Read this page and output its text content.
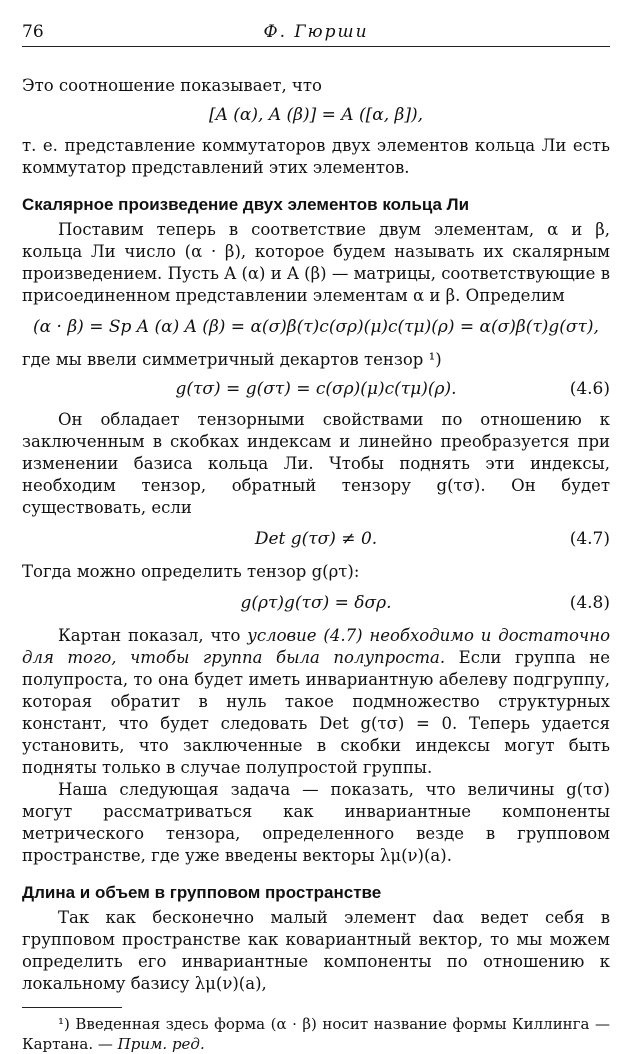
76	Ф. Гюрши

Это соотношение показывает, что

[A (α), A (β)] = A ([α, β]),

т. е. представление коммутаторов двух элементов кольца Ли есть коммутатор представлений этих элементов.

Скалярное произведение двух элементов кольца Ли

Поставим теперь в соответствие двум элементам, α и β, кольца Ли число (α · β), которое будем называть их скалярным произведением. Пусть A (α) и A (β) — матрицы, соответствующие в присоединенном представлении элементам α и β. Определим

(α · β) = Sp A (α) A (β) = α(σ)β(τ)c(σρ)(μ)c(τμ)(ρ) = α(σ)β(τ)g(στ),

где мы ввели симметричный декартов тензор ¹)

g(τσ) = g(στ) = c(σρ)(μ)c(τμ)(ρ).	(4.6)

Он обладает тензорными свойствами по отношению к заключенным в скобках индексам и линейно преобразуется при изменении базиса кольца Ли. Чтобы поднять эти индексы, необходим тензор, обратный тензору g(τσ). Он будет существовать, если

Det g(τσ) ≠ 0.	(4.7)

Тогда можно определить тензор g(ρτ):

g(ρτ)g(τσ) = δσρ.	(4.8)

Картан показал, что условие (4.7) необходимо и достаточно для того, чтобы группа была полупроста. Если группа не полупроста, то она будет иметь инвариантную абелеву подгруппу, которая обратит в нуль такое подмножество структурных констант, что будет следовать Det g(τσ) = 0. Теперь удается установить, что заключенные в скобки индексы могут быть подняты только в случае полупростой группы.

Наша следующая задача — показать, что величины g(τσ) могут рассматриваться как инвариантные компоненты метрического тензора, определенного везде в групповом пространстве, где уже введены векторы λμ(ν)(a).

Длина и объем в групповом пространстве

Так как бесконечно малый элемент daα ведет себя в групповом пространстве как ковариантный вектор, то мы можем определить его инвариантные компоненты по отношению к локальному базису λμ(ν)(a),

¹) Введенная здесь форма (α · β) носит название формы Киллинга — Картана. — Прим. ред.
